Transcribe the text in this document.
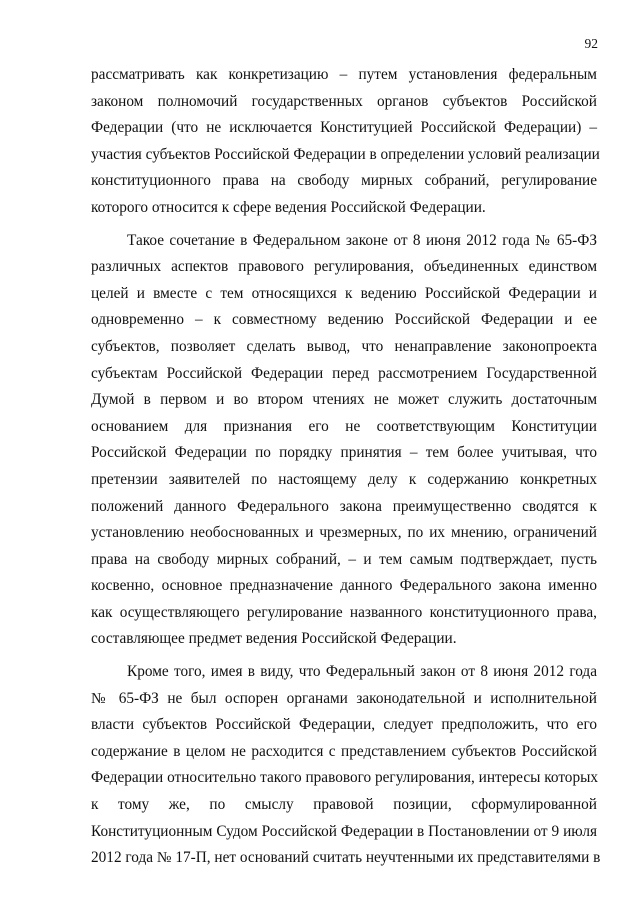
92

рассматривать как конкретизацию – путем установления федеральным
законом полномочий государственных органов субъектов Российской
Федерации (что не исключается Конституцией Российской Федерации) –
участия субъектов Российской Федерации в определении условий реализации
конституционного права на свободу мирных собраний, регулирование
которого относится к сфере ведения Российской Федерации.

Такое сочетание в Федеральном законе от 8 июня 2012 года № 65-ФЗ
различных аспектов правового регулирования, объединенных единством
целей и вместе с тем относящихся к ведению Российской Федерации и
одновременно – к совместному ведению Российской Федерации и ее
субъектов, позволяет сделать вывод, что ненаправление законопроекта
субъектам Российской Федерации перед рассмотрением Государственной
Думой в первом и во втором чтениях не может служить достаточным
основанием для признания его не соответствующим Конституции
Российской Федерации по порядку принятия – тем более учитывая, что
претензии заявителей по настоящему делу к содержанию конкретных
положений данного Федерального закона преимущественно сводятся к
установлению необоснованных и чрезмерных, по их мнению, ограничений
права на свободу мирных собраний, – и тем самым подтверждает, пусть
косвенно, основное предназначение данного Федерального закона именно
как осуществляющего регулирование названного конституционного права,
составляющее предмет ведения Российской Федерации.

Кроме того, имея в виду, что Федеральный закон от 8 июня 2012 года
№ 65-ФЗ не был оспорен органами законодательной и исполнительной
власти субъектов Российской Федерации, следует предположить, что его
содержание в целом не расходится с представлением субъектов Российской
Федерации относительно такого правового регулирования, интересы которых
к тому же, по смыслу правовой позиции, сформулированной
Конституционным Судом Российской Федерации в Постановлении от 9 июля
2012 года № 17-П, нет оснований считать неучтенными их представителями в
